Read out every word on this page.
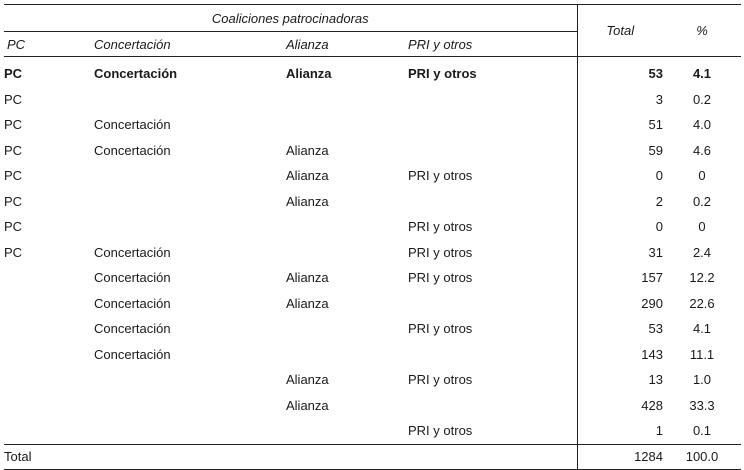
Coaliciones patrocinadoras				Total	%
PC	Concertación	Alianza	PRI y otros		
PC	Concertación	Alianza	PRI y otros	53	4.1
PC				3	0.2
PC	Concertación			51	4.0
PC	Concertación	Alianza		59	4.6
PC		Alianza	PRI y otros	0	0
PC		Alianza		2	0.2
PC			PRI y otros	0	0
PC	Concertación		PRI y otros	31	2.4
	Concertación	Alianza	PRI y otros	157	12.2
	Concertación	Alianza		290	22.6
	Concertación		PRI y otros	53	4.1
	Concertación			143	11.1
		Alianza	PRI y otros	13	1.0
		Alianza		428	33.3
			PRI y otros	1	0.1
Total				1284	100.0
